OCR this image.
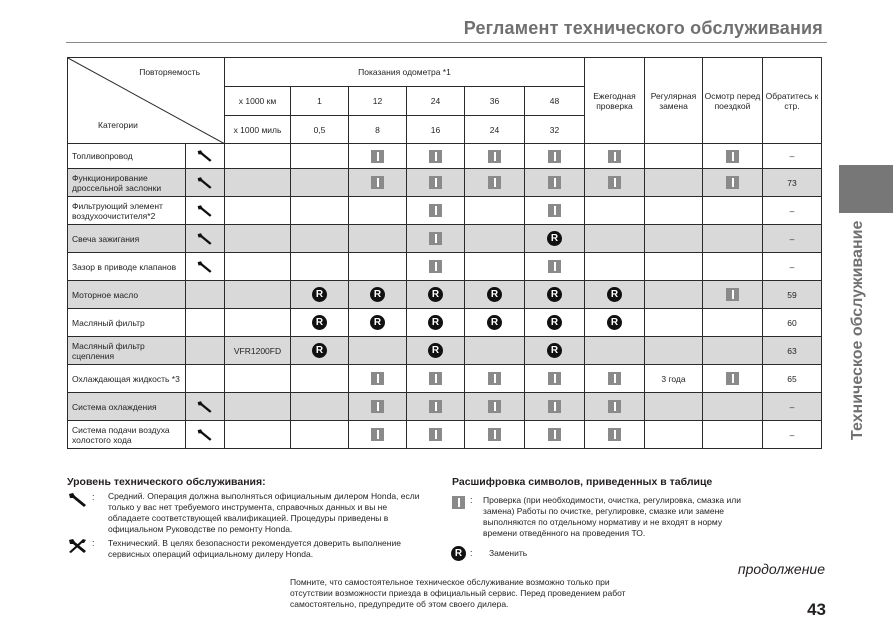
Регламент технического обслуживания
Техническое обслуживание
Повторяемость
Категории		Показания одометра *1						Ежегодная проверка	Регулярная замена	Осмотр перед поездкой	Обратитесь к стр.
		x 1000 км	1	12	24	36	48				
		x 1000 миль	0,5	8	16	24	32				
Топливопровод											–
Функционирование дроссельной заслонки											73
Фильтрующий элемент воздухоочистителя*2											–
Свеча зажигания							R				–
Зазор в приводе клапанов											–
Моторное масло			R	R	R	R	R	R			59
Масляный фильтр			R	R	R	R	R	R			60
Масляный фильтр сцепления		VFR1200FD	R		R		R				63
Охлаждающая жидкость *3									3 года		65
Система охлаждения											–
Система подачи воздуха холостого хода											–
Уровень технического обслуживания:
: Средний. Операция должна выполняться официальным дилером Honda, если только у вас нет требуемого инструмента, справочных данных и вы не обладаете соответствующей квалификацией. Процедуры приведены в официальном Руководстве по ремонту Honda.
: Технический. В целях безопасности рекомендуется доверить выполнение сервисных операций официальному дилеру Honda.
Расшифровка символов, приведенных в таблице
: Проверка (при необходимости, очистка, регулировка, смазка или замена) Работы по очистке, регулировке, смазке или замене выполняются по отдельному нормативу и не входят в норму времени отведённого на проведения ТО.
R : Заменить
продолжение
Помните, что самостоятельное техническое обслуживание возможно только при отсутствии возможности приезда в официальный сервис. Перед проведением работ самостоятельно, предупредите об этом своего дилера.	43
